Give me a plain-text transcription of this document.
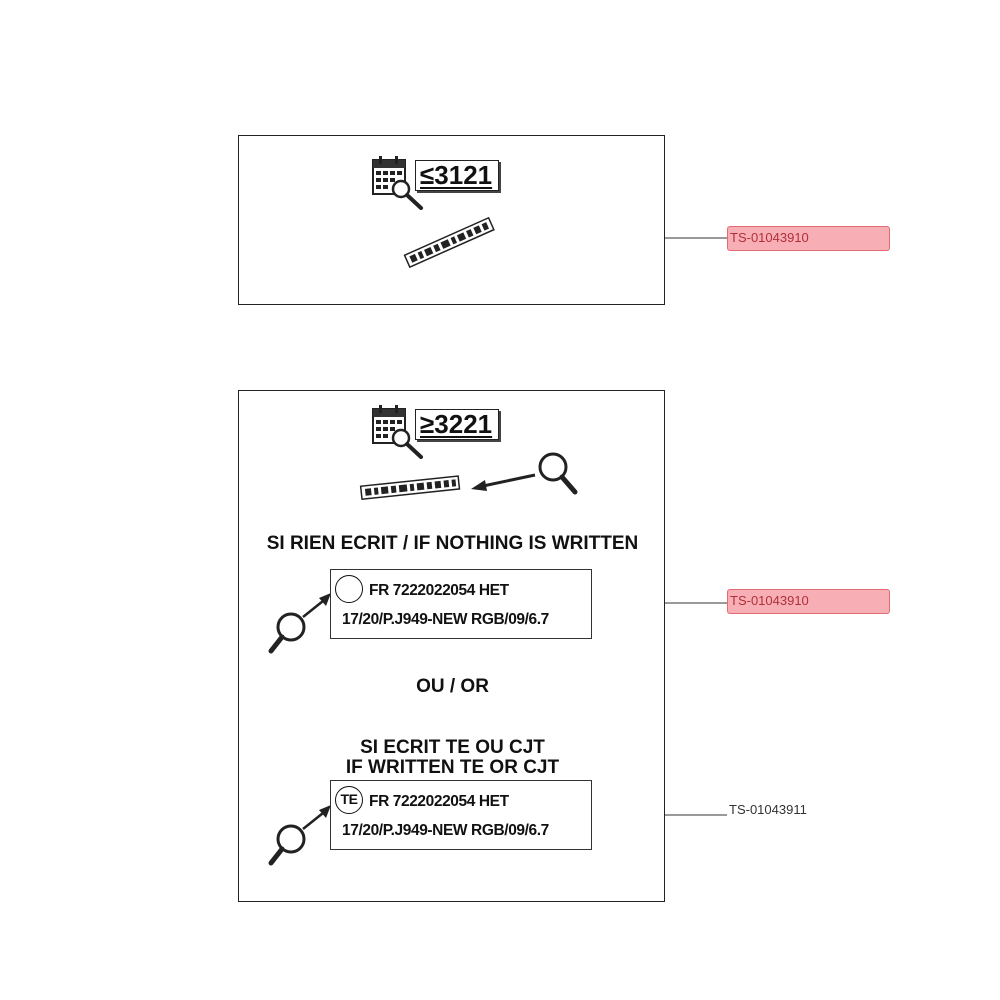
≤3121
≥3221
SI RIEN ECRIT / IF NOTHING IS WRITTEN
FR 7222022054 HET
17/20/P.J949-NEW RGB/09/6.7
OU / OR
SI ECRIT TE OU CJT
IF WRITTEN TE OR CJT
TE FR 7222022054 HET
17/20/P.J949-NEW RGB/09/6.7
TS-01043910
TS-01043910
TS-01043911
